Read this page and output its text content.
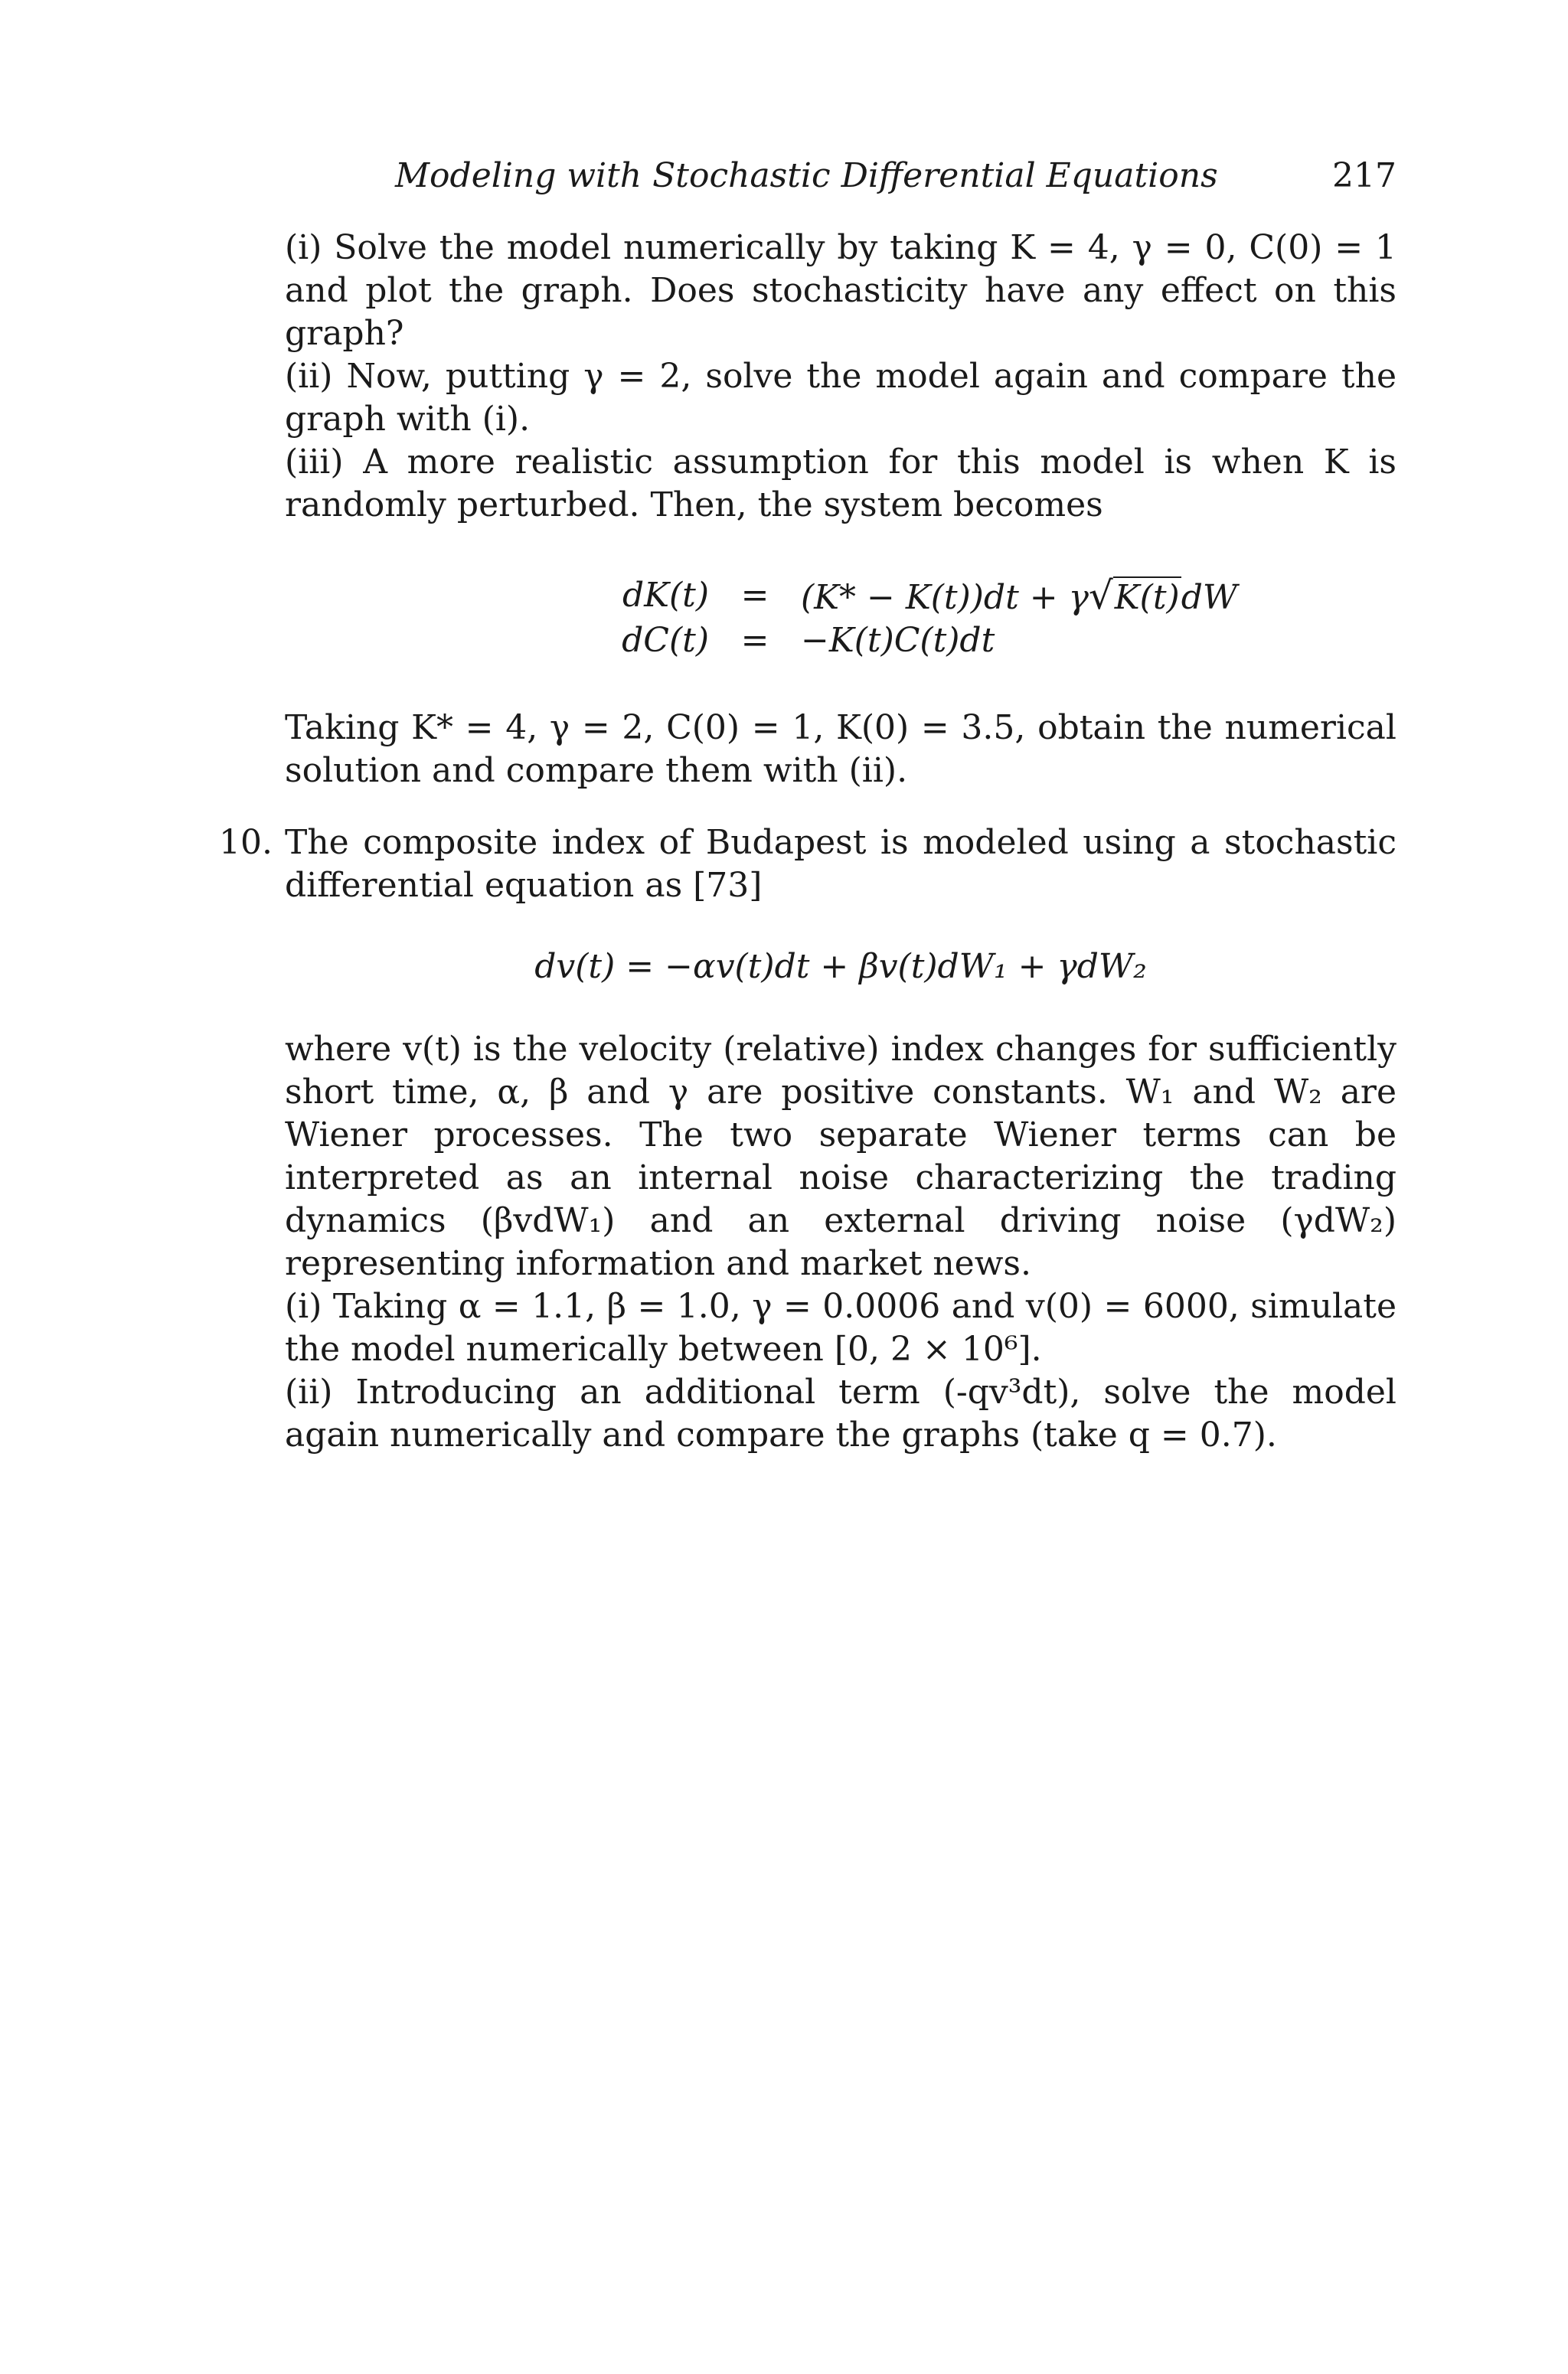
Modeling with Stochastic Differential Equations	217

(i) Solve the model numerically by taking K = 4, γ = 0, C(0) = 1 and plot the graph. Does stochasticity have any effect on this graph?

(ii) Now, putting γ = 2, solve the model again and compare the graph with (i).

(iii) A more realistic assumption for this model is when K is randomly perturbed. Then, the system becomes

dK(t) = (K* − K(t))dt + γ√K(t)dW
dC(t) = −K(t)C(t)dt

Taking K* = 4, γ = 2, C(0) = 1, K(0) = 3.5, obtain the numerical solution and compare them with (ii).

10. The composite index of Budapest is modeled using a stochastic differential equation as [73]

dv(t) = −αv(t)dt + βv(t)dW₁ + γdW₂

where v(t) is the velocity (relative) index changes for sufficiently short time, α, β and γ are positive constants. W₁ and W₂ are Wiener processes. The two separate Wiener terms can be interpreted as an internal noise characterizing the trading dynamics (βvdW₁) and an external driving noise (γdW₂) representing information and market news.

(i) Taking α = 1.1, β = 1.0, γ = 0.0006 and v(0) = 6000, simulate the model numerically between [0, 2 × 10⁶].

(ii) Introducing an additional term (-qv³dt), solve the model again numerically and compare the graphs (take q = 0.7).
